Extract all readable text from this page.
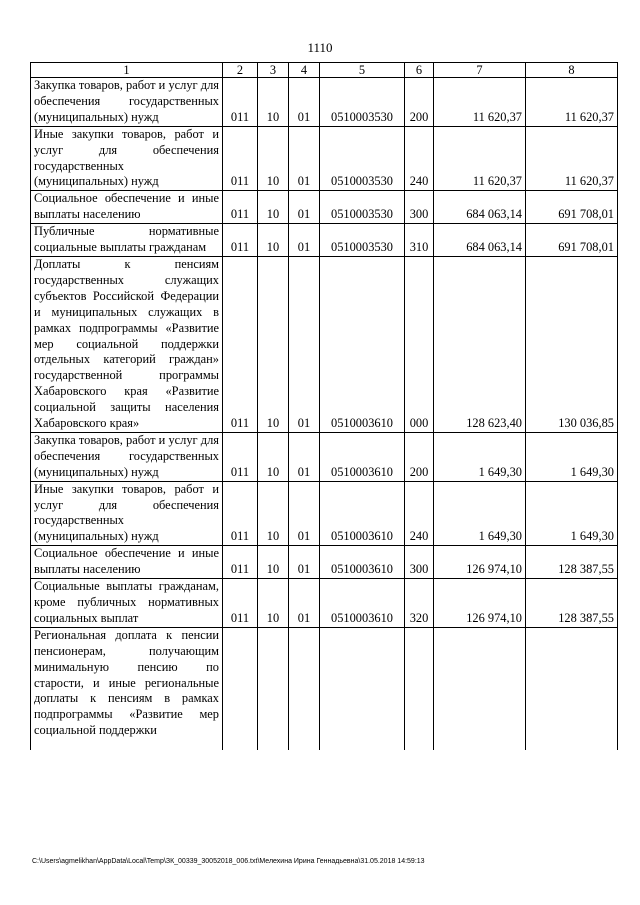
1110
1	2	3	4	5	6	7	8
Закупка товаров, работ и услуг для обеспечения государственных (муниципальных) нужд	011	10	01	0510003530	200	11 620,37	11 620,37
Иные закупки товаров, работ и услуг для обеспечения государственных (муниципальных) нужд	011	10	01	0510003530	240	11 620,37	11 620,37
Социальное обеспечение и иные выплаты населению	011	10	01	0510003530	300	684 063,14	691 708,01
Публичные нормативные социальные выплаты гражданам	011	10	01	0510003530	310	684 063,14	691 708,01
Доплаты к пенсиям государственных служащих субъектов Российской Федерации и муниципальных служащих в рамках подпрограммы «Развитие мер социальной поддержки отдельных категорий граждан» государственной программы Хабаровского края «Развитие социальной защиты населения Хабаровского края»	011	10	01	0510003610	000	128 623,40	130 036,85
Закупка товаров, работ и услуг для обеспечения государственных (муниципальных) нужд	011	10	01	0510003610	200	1 649,30	1 649,30
Иные закупки товаров, работ и услуг для обеспечения государственных (муниципальных) нужд	011	10	01	0510003610	240	1 649,30	1 649,30
Социальное обеспечение и иные выплаты населению	011	10	01	0510003610	300	126 974,10	128 387,55
Социальные выплаты гражданам, кроме публичных нормативных социальных выплат	011	10	01	0510003610	320	126 974,10	128 387,55

Региональная доплата к пенсии пенсионерам, получающим минимальную пенсию по старости, и иные региональные доплаты к пенсиям в рамках подпрограммы «Развитие мер социальной поддержки							

C:\Users\agmelikhan\AppData\Local\Temp\ЗК_00339_30052018_006.txt\Мелехина Ирина Геннадьевна\31.05.2018 14:59:13
